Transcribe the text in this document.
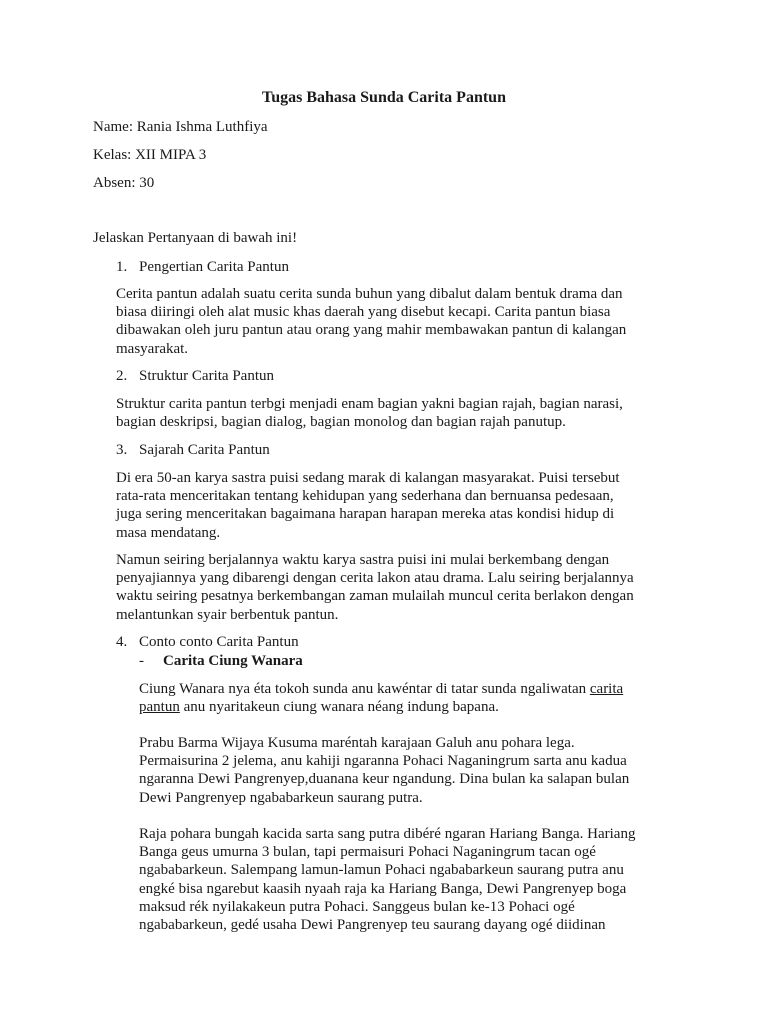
Tugas Bahasa Sunda Carita Pantun
Name: Rania Ishma Luthfiya
Kelas: XII MIPA 3
Absen: 30
Jelaskan Pertanyaan di bawah ini!
1. Pengertian Carita Pantun
Cerita pantun adalah suatu cerita sunda buhun yang dibalut dalam bentuk drama dan
biasa diiringi oleh alat music khas daerah yang disebut kecapi. Carita pantun biasa
dibawakan oleh juru pantun atau orang yang mahir membawakan pantun di kalangan
masyarakat.
2. Struktur Carita Pantun
Struktur carita pantun terbgi menjadi enam bagian yakni bagian rajah, bagian narasi,
bagian deskripsi, bagian dialog, bagian monolog dan bagian rajah panutup.
3. Sajarah Carita Pantun
Di era 50-an karya sastra puisi sedang marak di kalangan masyarakat. Puisi tersebut
rata-rata menceritakan tentang kehidupan yang sederhana dan bernuansa pedesaan,
juga sering menceritakan bagaimana harapan harapan mereka atas kondisi hidup di
masa mendatang.
Namun seiring berjalannya waktu karya sastra puisi ini mulai berkembang dengan
penyajiannya yang dibarengi dengan cerita lakon atau drama. Lalu seiring berjalannya
waktu seiring pesatnya berkembangan zaman mulailah muncul cerita berlakon dengan
melantunkan syair berbentuk pantun.
4. Conto conto Carita Pantun
- Carita Ciung Wanara
Ciung Wanara nya éta tokoh sunda anu kawéntar di tatar sunda ngaliwatan carita
pantun anu nyaritakeun ciung wanara néang indung bapana.
Prabu Barma Wijaya Kusuma maréntah karajaan Galuh anu pohara lega.
Permaisurina 2 jelema, anu kahiji ngaranna Pohaci Naganingrum sarta anu kadua
ngaranna Dewi Pangrenyep,duanana keur ngandung. Dina bulan ka salapan bulan
Dewi Pangrenyep ngababarkeun saurang putra.
Raja pohara bungah kacida sarta sang putra dibéré ngaran Hariang Banga. Hariang
Banga geus umurna 3 bulan, tapi permaisuri Pohaci Naganingrum tacan ogé
ngababarkeun. Salempang lamun-lamun Pohaci ngababarkeun saurang putra anu
engké bisa ngarebut kaasih nyaah raja ka Hariang Banga, Dewi Pangrenyep boga
maksud rék nyilakakeun putra Pohaci. Sanggeus bulan ke-13 Pohaci ogé
ngababarkeun, gedé usaha Dewi Pangrenyep teu saurang dayang ogé diidinan
